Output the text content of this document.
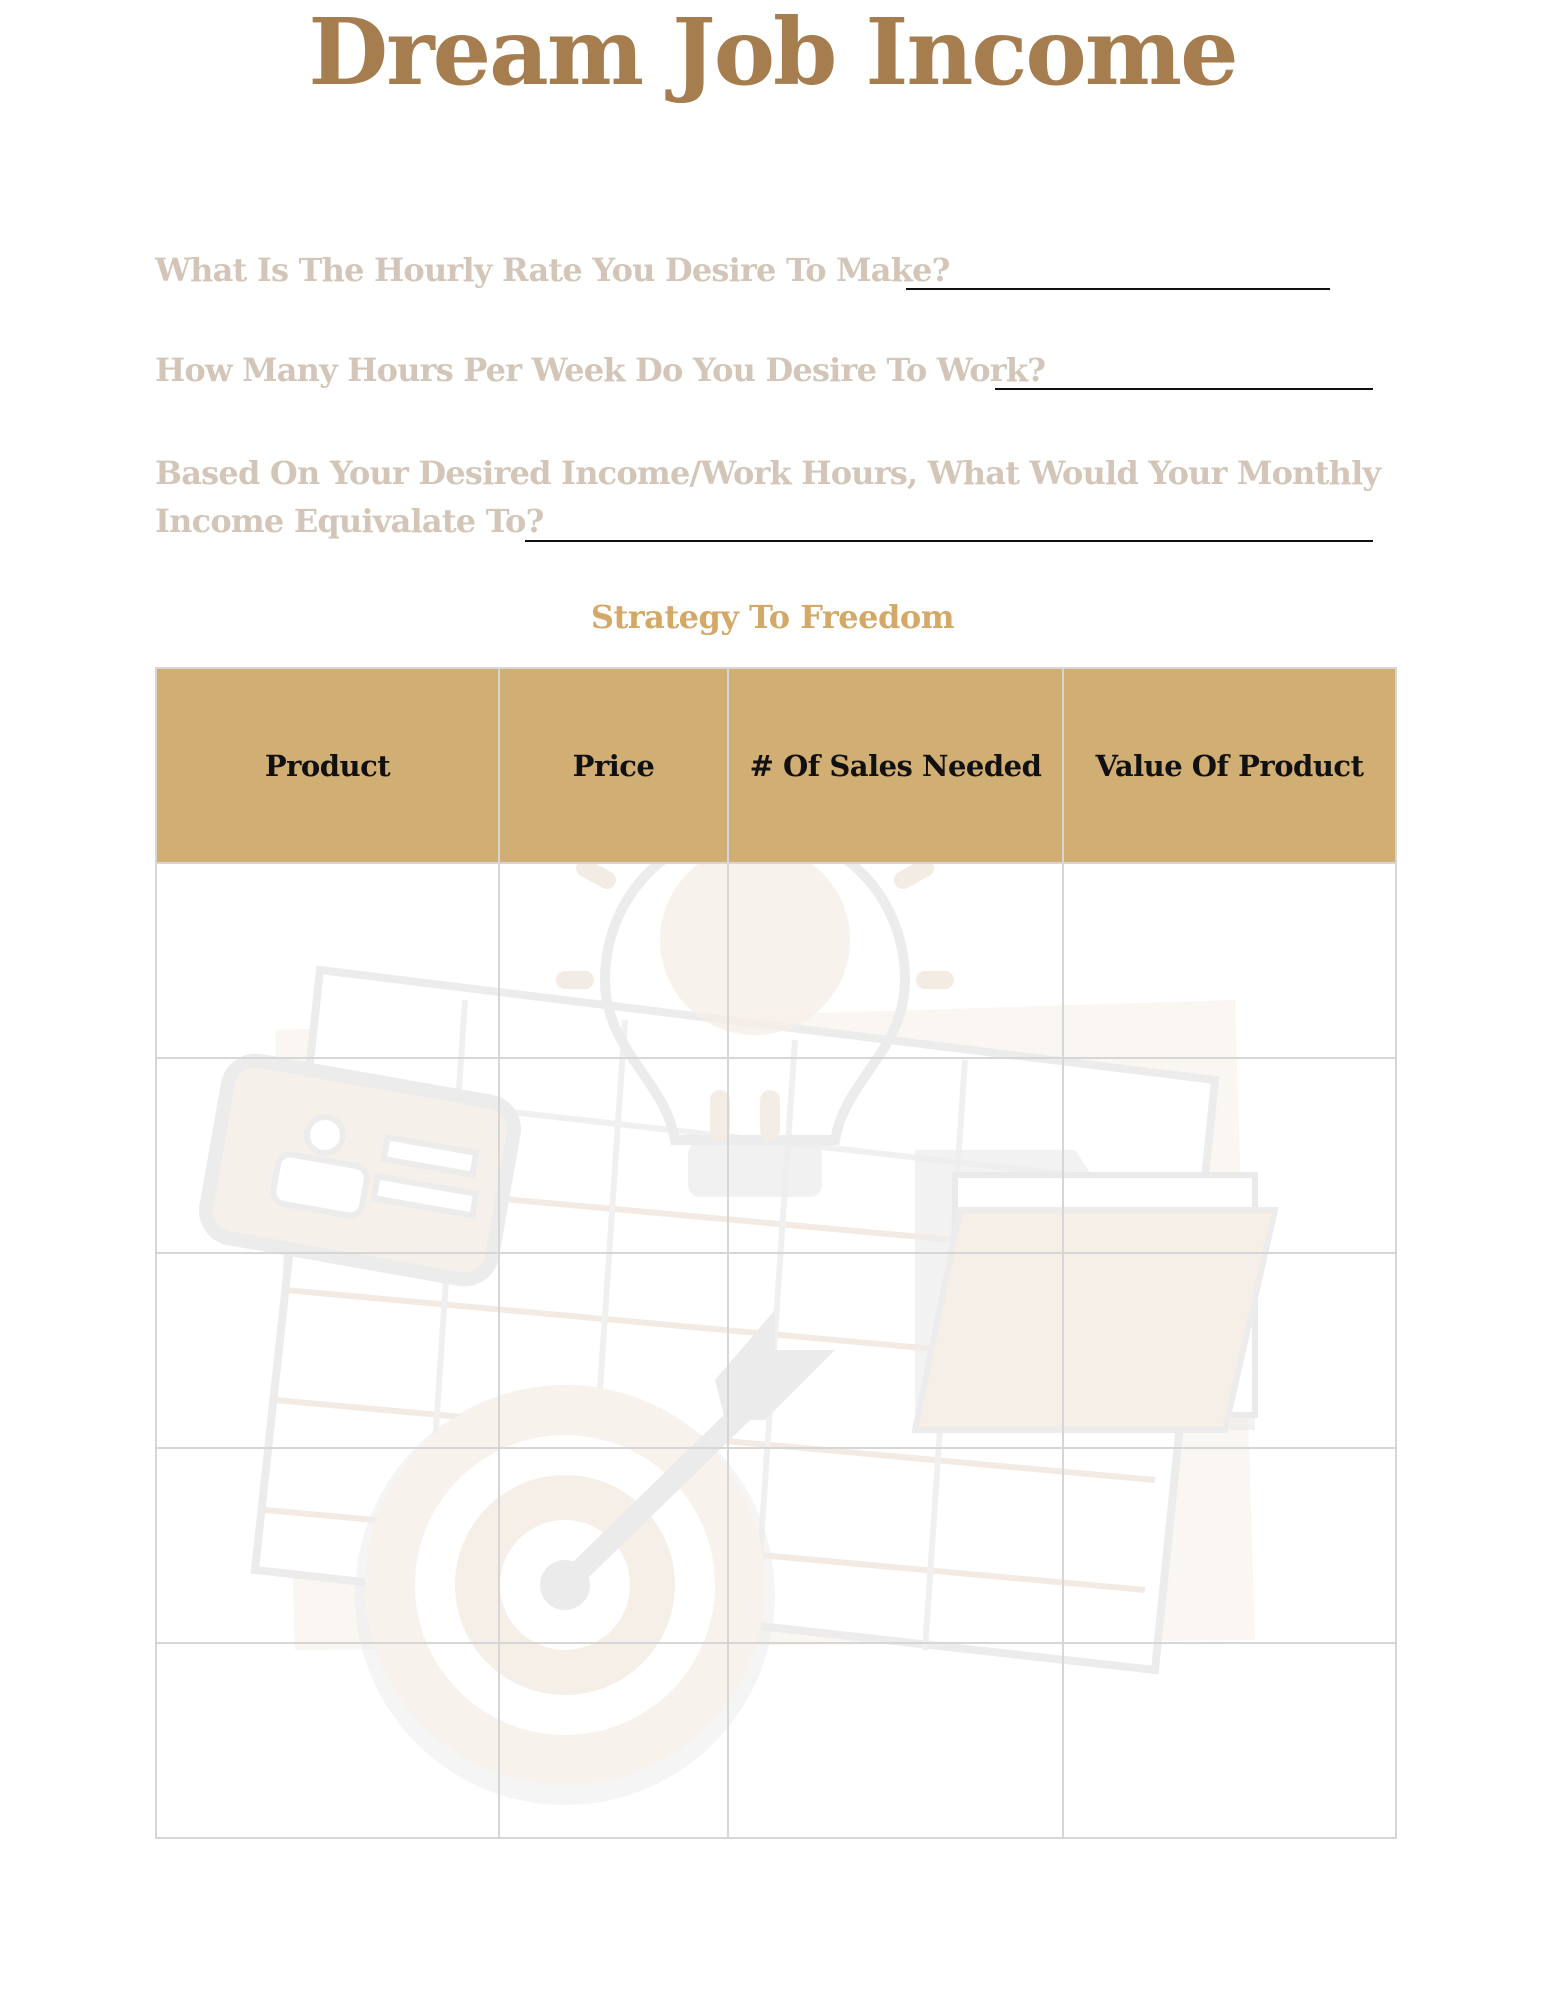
Dream Job Income
What Is The Hourly Rate You Desire To Make?
How Many Hours Per Week Do You Desire To Work?
Based On Your Desired Income/Work Hours, What Would Your Monthly
Income Equivalate To?
Strategy To Freedom
Product	Price	# Of Sales Needed	Value Of Product
